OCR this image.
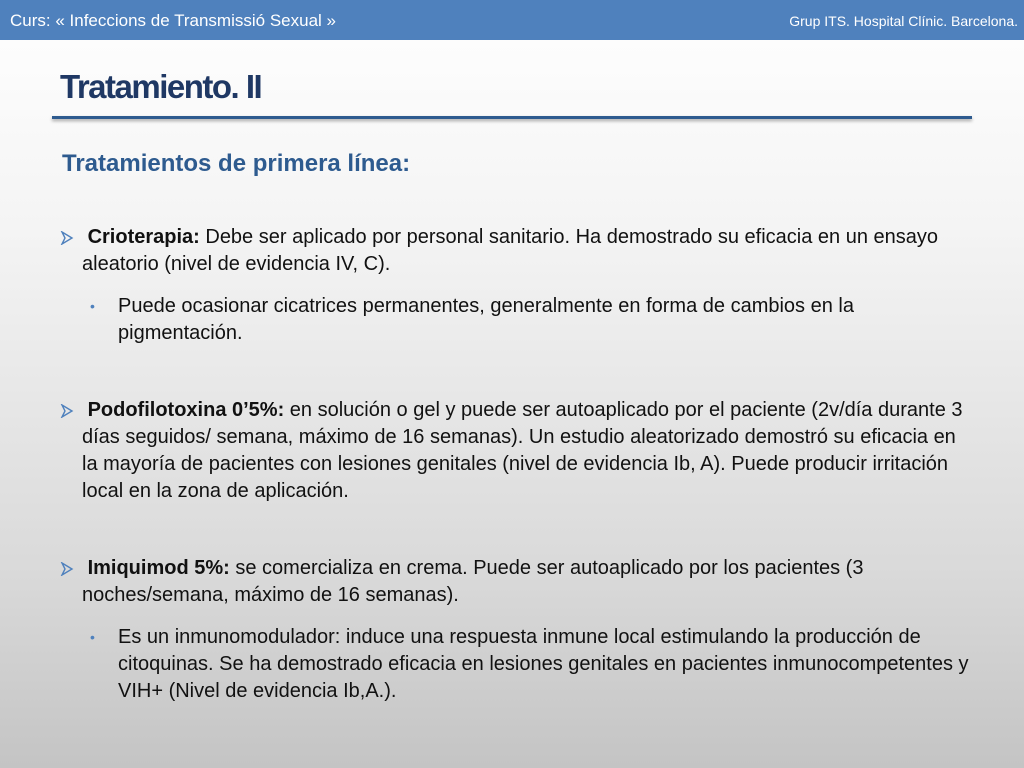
Curs: « Infeccions de Transmissió Sexual »	Grup ITS. Hospital Clínic. Barcelona.
Tratamiento. II
Tratamientos de primera línea:
Crioterapia: Debe ser aplicado por personal sanitario. Ha demostrado su eficacia en un ensayo aleatorio (nivel de evidencia IV, C).
• Puede ocasionar cicatrices permanentes, generalmente en forma de cambios en la pigmentación.
Podofilotoxina 0’5%: en solución o gel y puede ser autoaplicado por el paciente (2v/día durante 3 días seguidos/ semana, máximo de 16 semanas). Un estudio aleatorizado demostró su eficacia en la mayoría de pacientes con lesiones genitales (nivel de evidencia Ib, A). Puede producir irritación local en la zona de aplicación.
Imiquimod 5%: se comercializa en crema. Puede ser autoaplicado por los pacientes (3 noches/semana, máximo de 16 semanas).
• Es un inmunomodulador: induce una respuesta inmune local estimulando la producción de citoquinas. Se ha demostrado eficacia en lesiones genitales en pacientes inmunocompetentes y VIH+ (Nivel de evidencia Ib,A.).
